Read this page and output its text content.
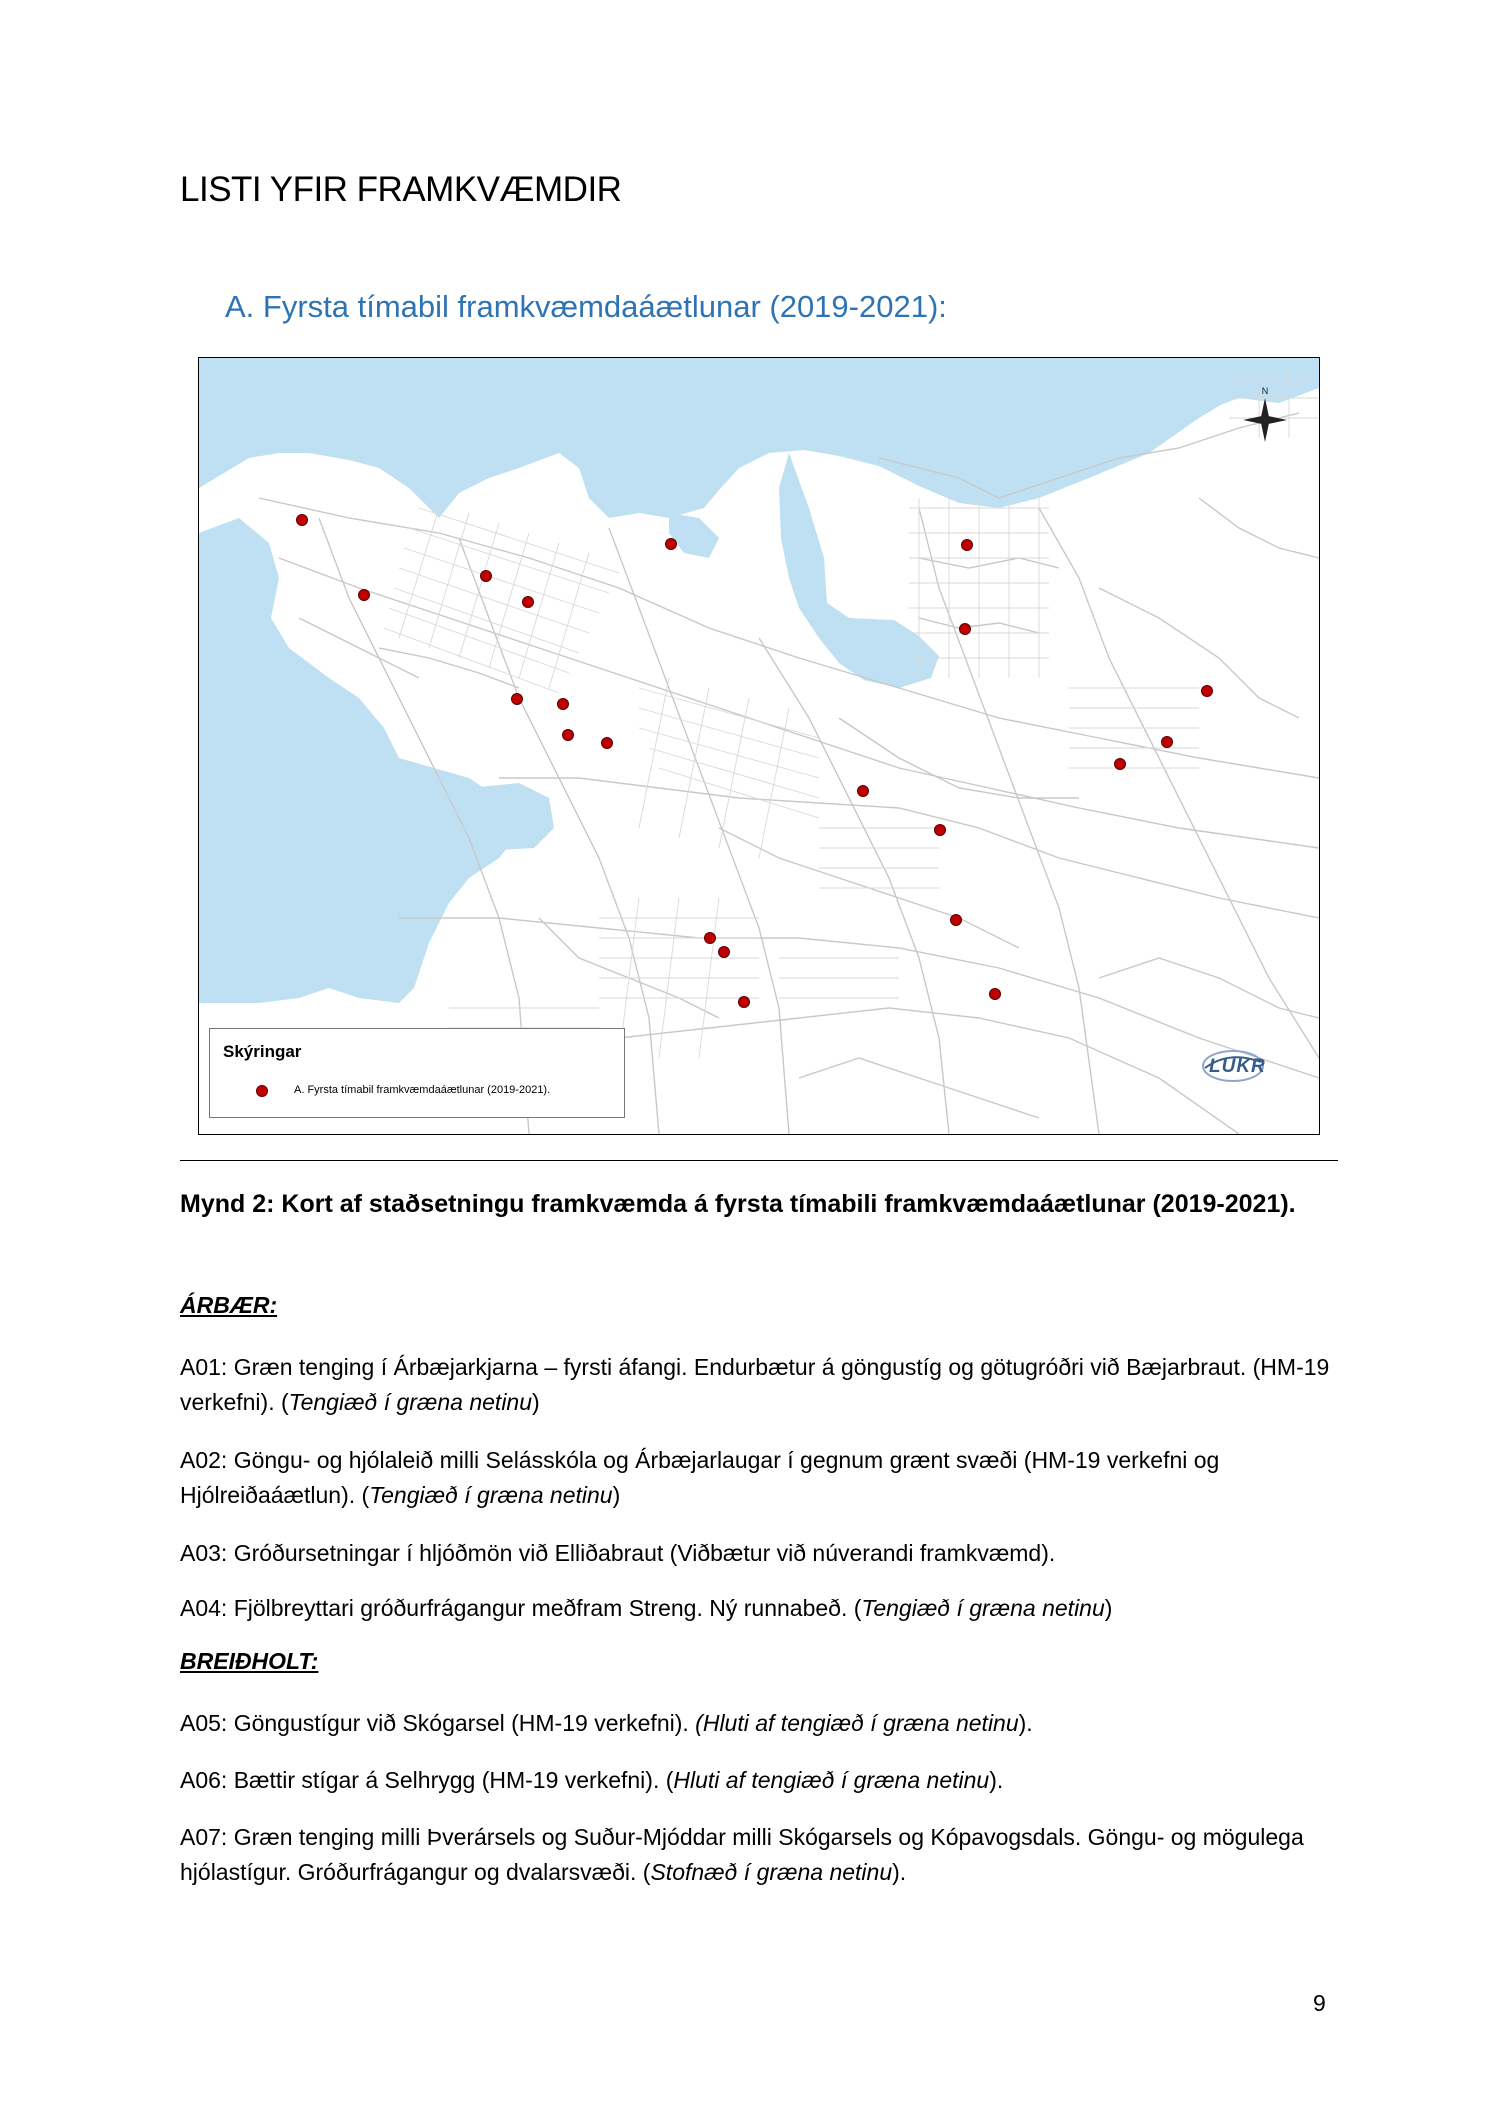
LISTI YFIR FRAMKVÆMDIR
A. Fyrsta tímabil framkvæmdaáætlunar (2019-2021):
N
Skýringar
A. Fyrsta tímabil framkvæmdaáætlunar (2019-2021).
LUKR
Mynd 2: Kort af staðsetningu framkvæmda á fyrsta tímabili framkvæmdaáætlunar (2019-2021).
ÁRBÆR:
A01: Græn tenging í Árbæjarkjarna – fyrsti áfangi. Endurbætur á göngustíg og götugróðri við Bæjarbraut. (HM-19 verkefni). (Tengiæð í græna netinu)
A02: Göngu- og hjólaleið milli Selásskóla og Árbæjarlaugar í gegnum grænt svæði (HM-19 verkefni og Hjólreiðaáætlun). (Tengiæð í græna netinu)
A03: Gróðursetningar í hljóðmön við Elliðabraut (Viðbætur við núverandi framkvæmd).
A04: Fjölbreyttari gróðurfrágangur meðfram Streng. Ný runnabeð. (Tengiæð í græna netinu)
BREIÐHOLT:
A05: Göngustígur við Skógarsel (HM-19 verkefni). (Hluti af tengiæð í græna netinu).
A06: Bættir stígar á Selhrygg (HM-19 verkefni). (Hluti af tengiæð í græna netinu).
A07: Græn tenging milli Þverársels og Suður-Mjóddar milli Skógarsels og Kópavogsdals. Göngu- og mögulega hjólastígur. Gróðurfrágangur og dvalarsvæði. (Stofnæð í græna netinu).
9
